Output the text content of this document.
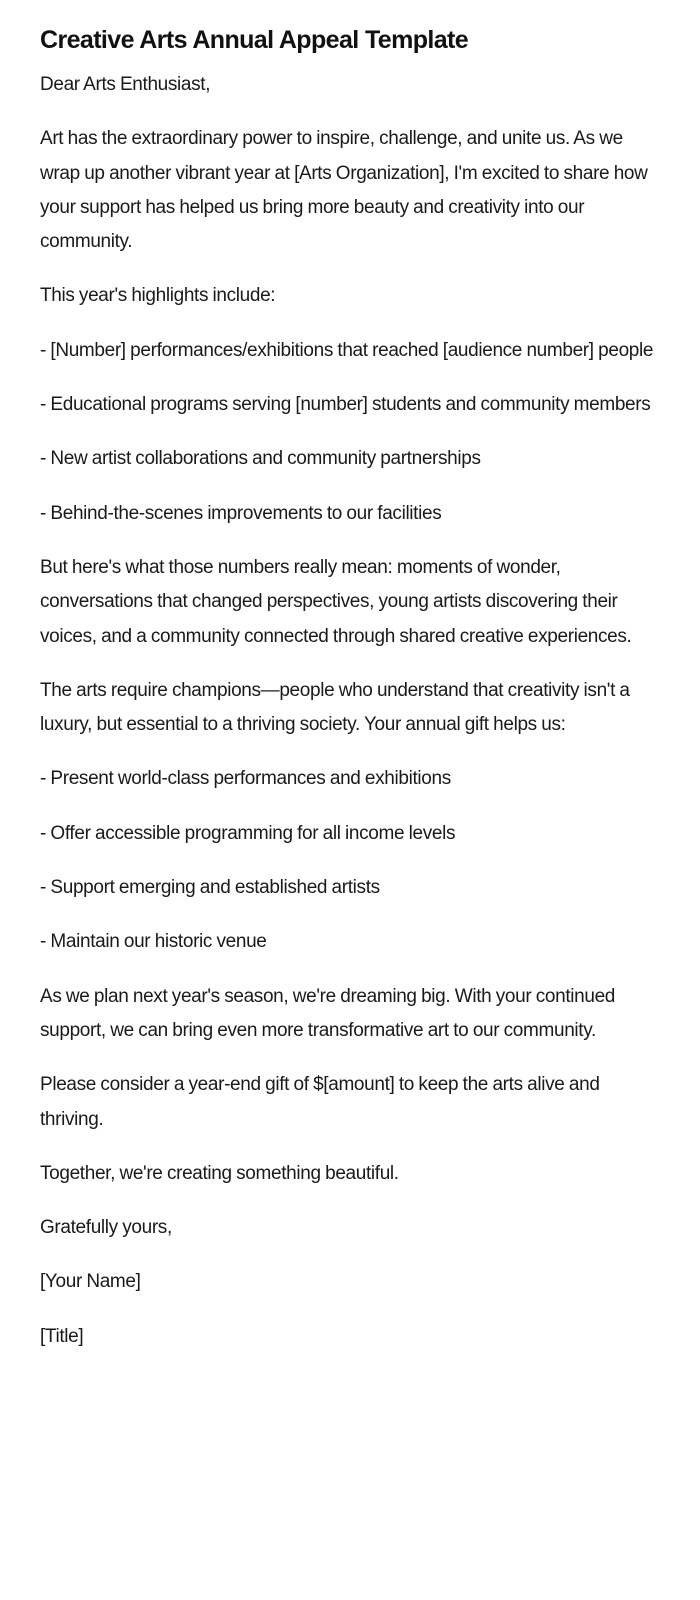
Creative Arts Annual Appeal Template

Dear Arts Enthusiast,

Art has the extraordinary power to inspire, challenge, and unite us. As we wrap up another vibrant year at [Arts Organization], I'm excited to share how your support has helped us bring more beauty and creativity into our community.

This year's highlights include:

- [Number] performances/exhibitions that reached [audience number] people

- Educational programs serving [number] students and community members

- New artist collaborations and community partnerships

- Behind-the-scenes improvements to our facilities

But here's what those numbers really mean: moments of wonder, conversations that changed perspectives, young artists discovering their voices, and a community connected through shared creative experiences.

The arts require champions—people who understand that creativity isn't a luxury, but essential to a thriving society. Your annual gift helps us:

- Present world-class performances and exhibitions

- Offer accessible programming for all income levels

- Support emerging and established artists

- Maintain our historic venue

As we plan next year's season, we're dreaming big. With your continued support, we can bring even more transformative art to our community.

Please consider a year-end gift of $[amount] to keep the arts alive and thriving.

Together, we're creating something beautiful.

Gratefully yours,

[Your Name]

[Title]
